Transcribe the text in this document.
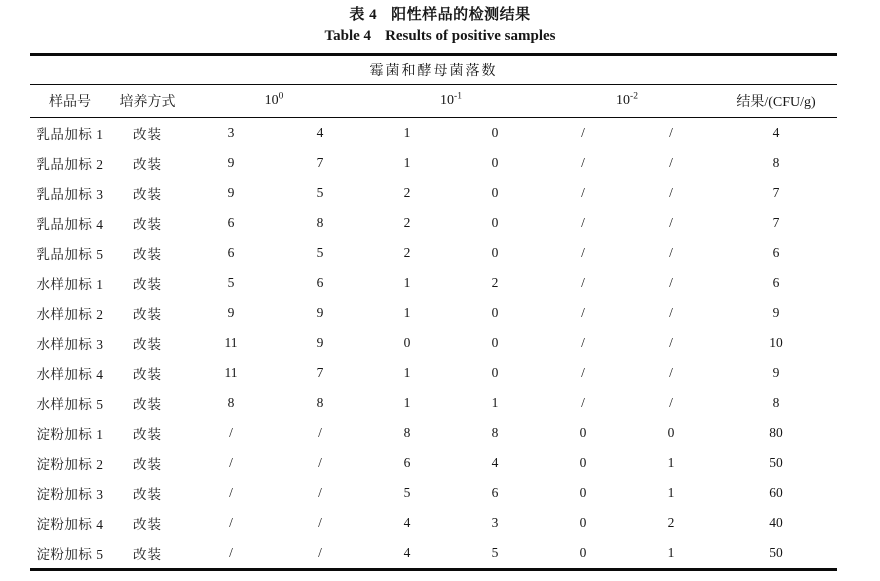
表 4 阳性样品的检测结果
Table 4 Results of positive samples
霉菌和酵母菌落数								
样品号	培养方式	$10^0$		$10^{-1}$		$10^{-2}$		结果/(CFU/g)
乳品加标 1	改装	3	4	1	0	/	/	4
乳品加标 2	改装	9	7	1	0	/	/	8
乳品加标 3	改装	9	5	2	0	/	/	7
乳品加标 4	改装	6	8	2	0	/	/	7
乳品加标 5	改装	6	5	2	0	/	/	6
水样加标 1	改装	5	6	1	2	/	/	6
水样加标 2	改装	9	9	1	0	/	/	9
水样加标 3	改装	11	9	0	0	/	/	10
水样加标 4	改装	11	7	1	0	/	/	9
水样加标 5	改装	8	8	1	1	/	/	8
淀粉加标 1	改装	/	/	8	8	0	0	80
淀粉加标 2	改装	/	/	6	4	0	1	50
淀粉加标 3	改装	/	/	5	6	0	1	60
淀粉加标 4	改装	/	/	4	3	0	2	40
淀粉加标 5	改装	/	/	4	5	0	1	50
